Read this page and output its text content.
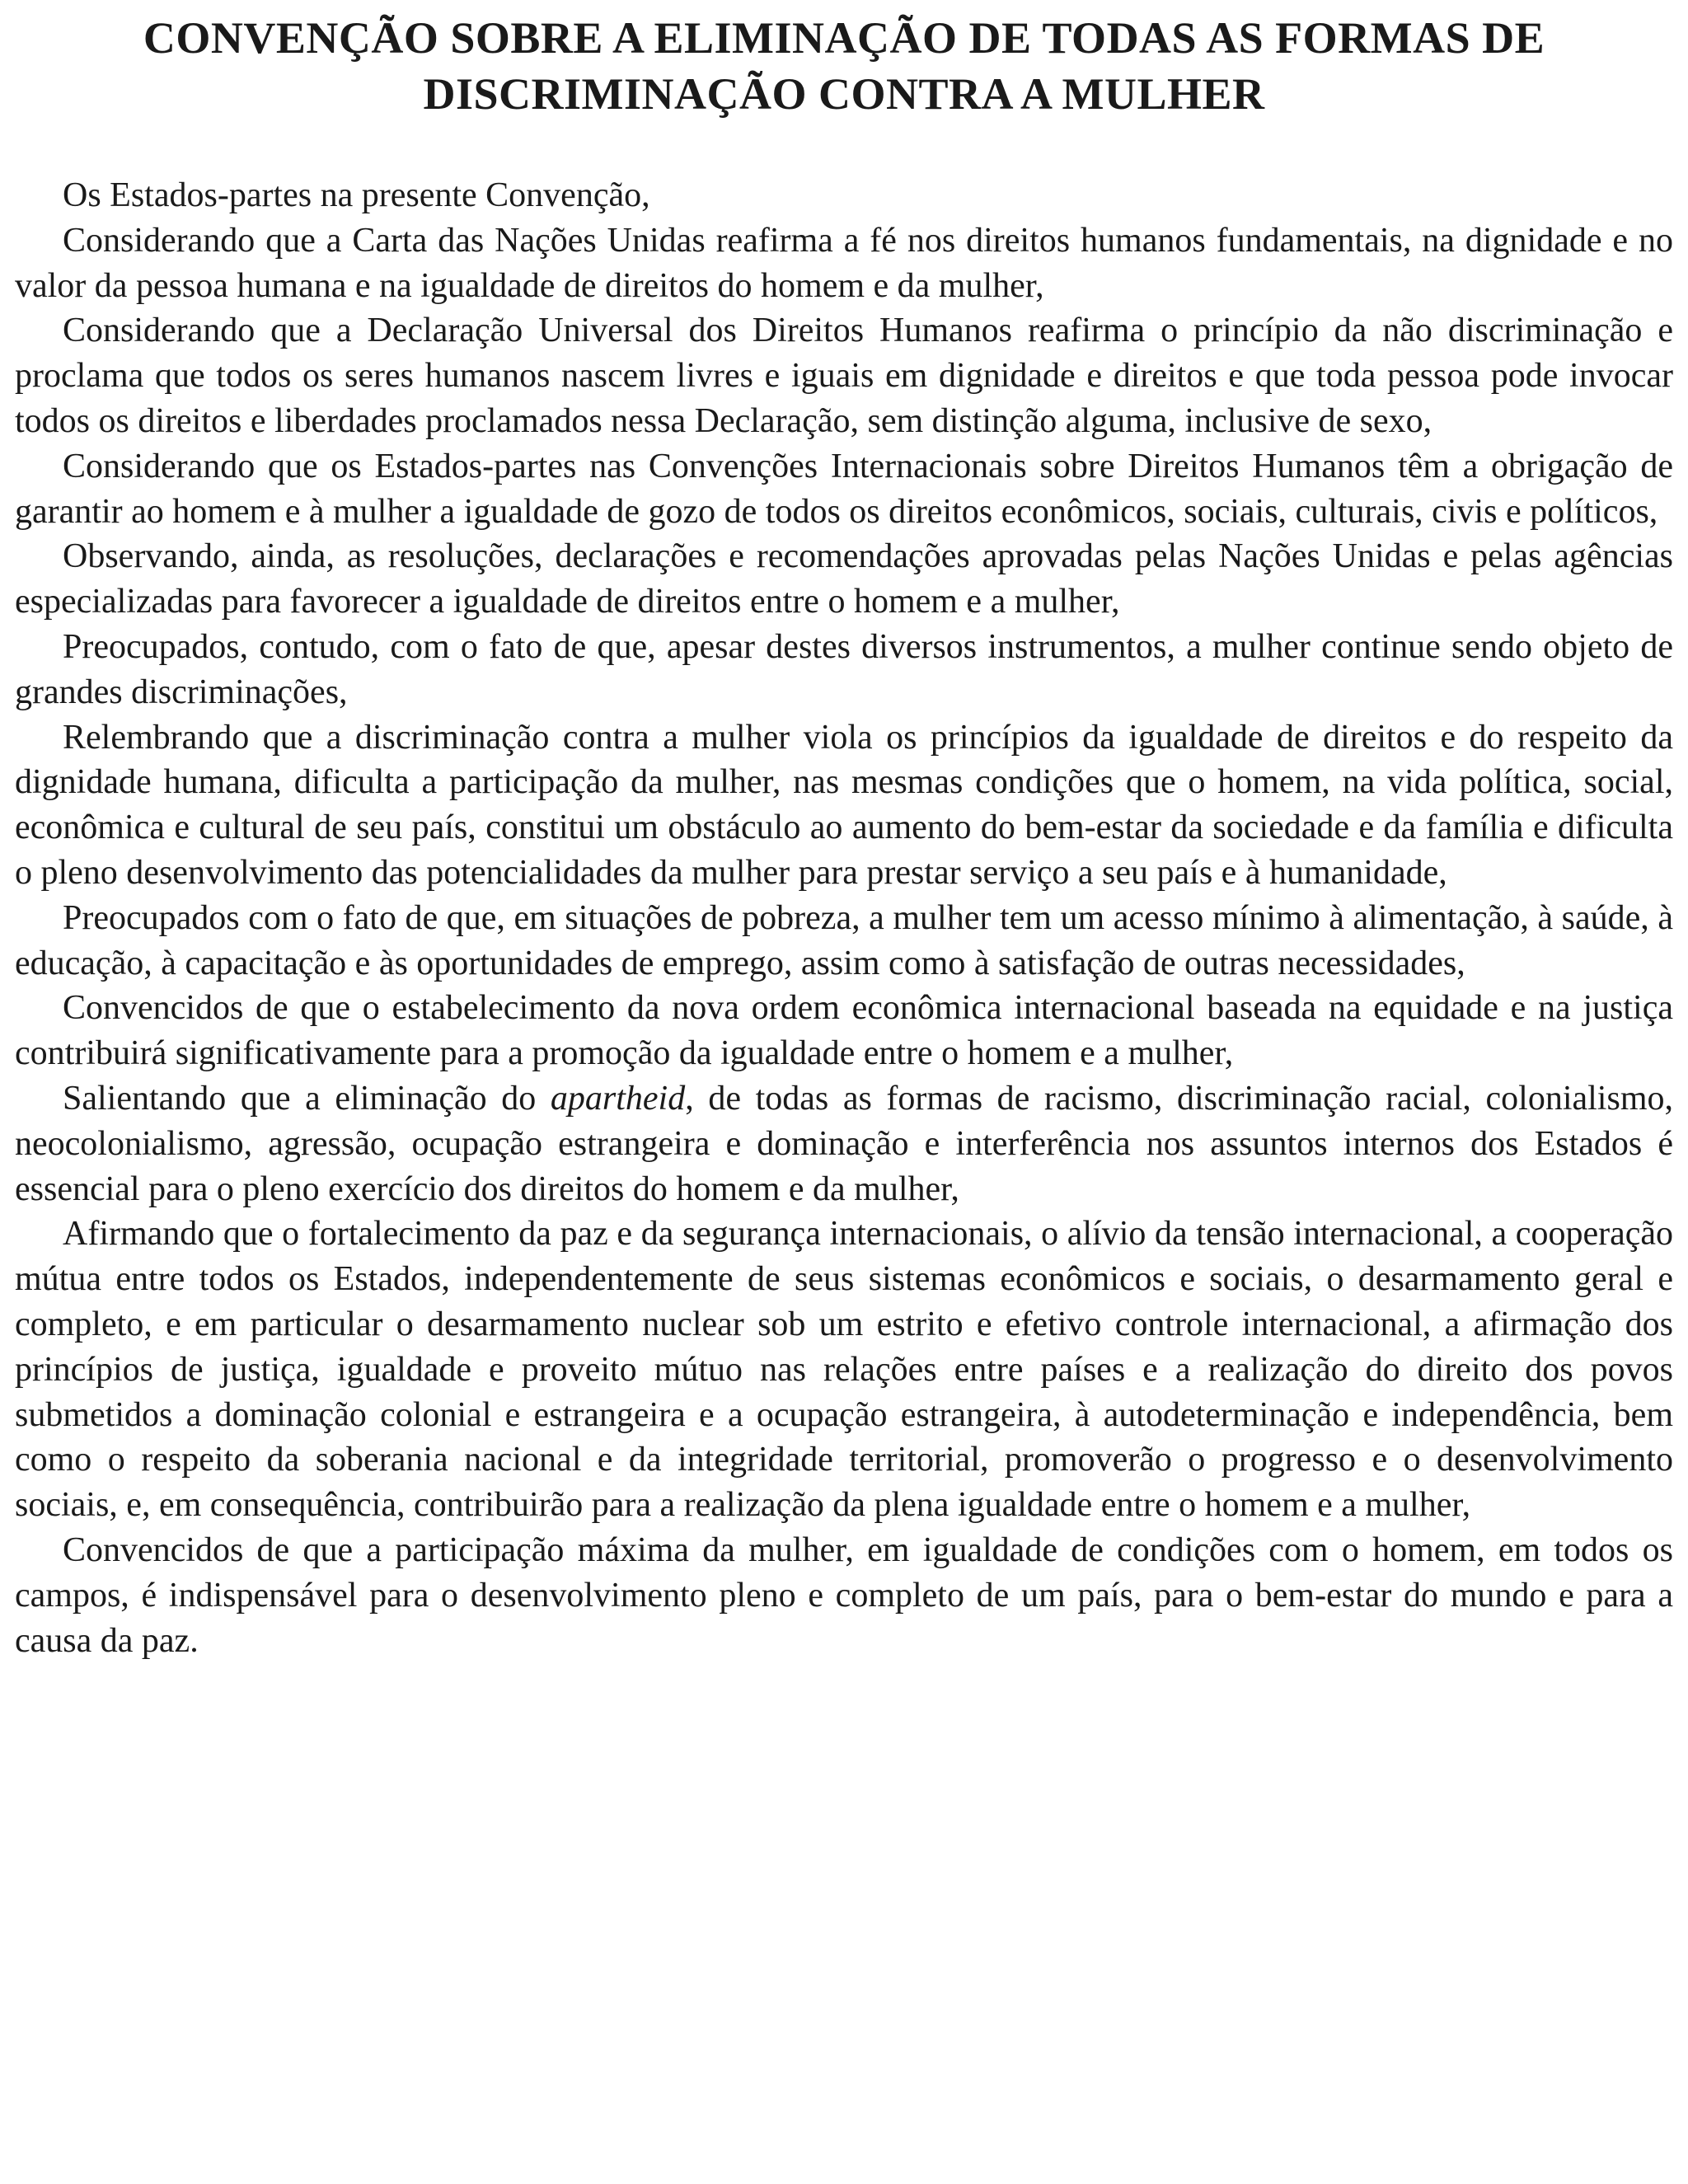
CONVENÇÃO SOBRE A ELIMINAÇÃO DE TODAS AS FORMAS DE
DISCRIMINAÇÃO CONTRA A MULHER

Os Estados-partes na presente Convenção,

Considerando que a Carta das Nações Unidas reafirma a fé nos direitos humanos fundamentais, na dignidade e no valor da pessoa humana e na igualdade de direitos do homem e da mulher,

Considerando que a Declaração Universal dos Direitos Humanos reafirma o princípio da não discriminação e proclama que todos os seres humanos nascem livres e iguais em dignidade e direitos e que toda pessoa pode invocar todos os direitos e liberdades proclamados nessa Declaração, sem distinção alguma, inclusive de sexo,

Considerando que os Estados-partes nas Convenções Internacionais sobre Direitos Humanos têm a obrigação de garantir ao homem e à mulher a igualdade de gozo de todos os direitos econômicos, sociais, culturais, civis e políticos,

Observando, ainda, as resoluções, declarações e recomendações aprovadas pelas Nações Unidas e pelas agências especializadas para favorecer a igualdade de direitos entre o homem e a mulher,

Preocupados, contudo, com o fato de que, apesar destes diversos instrumentos, a mulher continue sendo objeto de grandes discriminações,

Relembrando que a discriminação contra a mulher viola os princípios da igualdade de direitos e do respeito da dignidade humana, dificulta a participação da mulher, nas mesmas condições que o homem, na vida política, social, econômica e cultural de seu país, constitui um obstáculo ao aumento do bem-estar da sociedade e da família e dificulta o pleno desenvolvimento das potencialidades da mulher para prestar serviço a seu país e à humanidade,

Preocupados com o fato de que, em situações de pobreza, a mulher tem um acesso mínimo à alimentação, à saúde, à educação, à capacitação e às oportunidades de emprego, assim como à satisfação de outras necessidades,

Convencidos de que o estabelecimento da nova ordem econômica internacional baseada na equidade e na justiça contribuirá significativamente para a promoção da igualdade entre o homem e a mulher,

Salientando que a eliminação do apartheid, de todas as formas de racismo, discriminação racial, colonialismo, neocolonialismo, agressão, ocupação estrangeira e dominação e interferência nos assuntos internos dos Estados é essencial para o pleno exercício dos direitos do homem e da mulher,

Afirmando que o fortalecimento da paz e da segurança internacionais, o alívio da tensão internacional, a cooperação mútua entre todos os Estados, independentemente de seus sistemas econômicos e sociais, o desarmamento geral e completo, e em particular o desarmamento nuclear sob um estrito e efetivo controle internacional, a afirmação dos princípios de justiça, igualdade e proveito mútuo nas relações entre países e a realização do direito dos povos submetidos a dominação colonial e estrangeira e a ocupação estrangeira, à autodeterminação e independência, bem como o respeito da soberania nacional e da integridade territorial, promoverão o progresso e o desenvolvimento sociais, e, em consequência, contribuirão para a realização da plena igualdade entre o homem e a mulher,

Convencidos de que a participação máxima da mulher, em igualdade de condições com o homem, em todos os campos, é indispensável para o desenvolvimento pleno e completo de um país, para o bem-estar do mundo e para a causa da paz.
